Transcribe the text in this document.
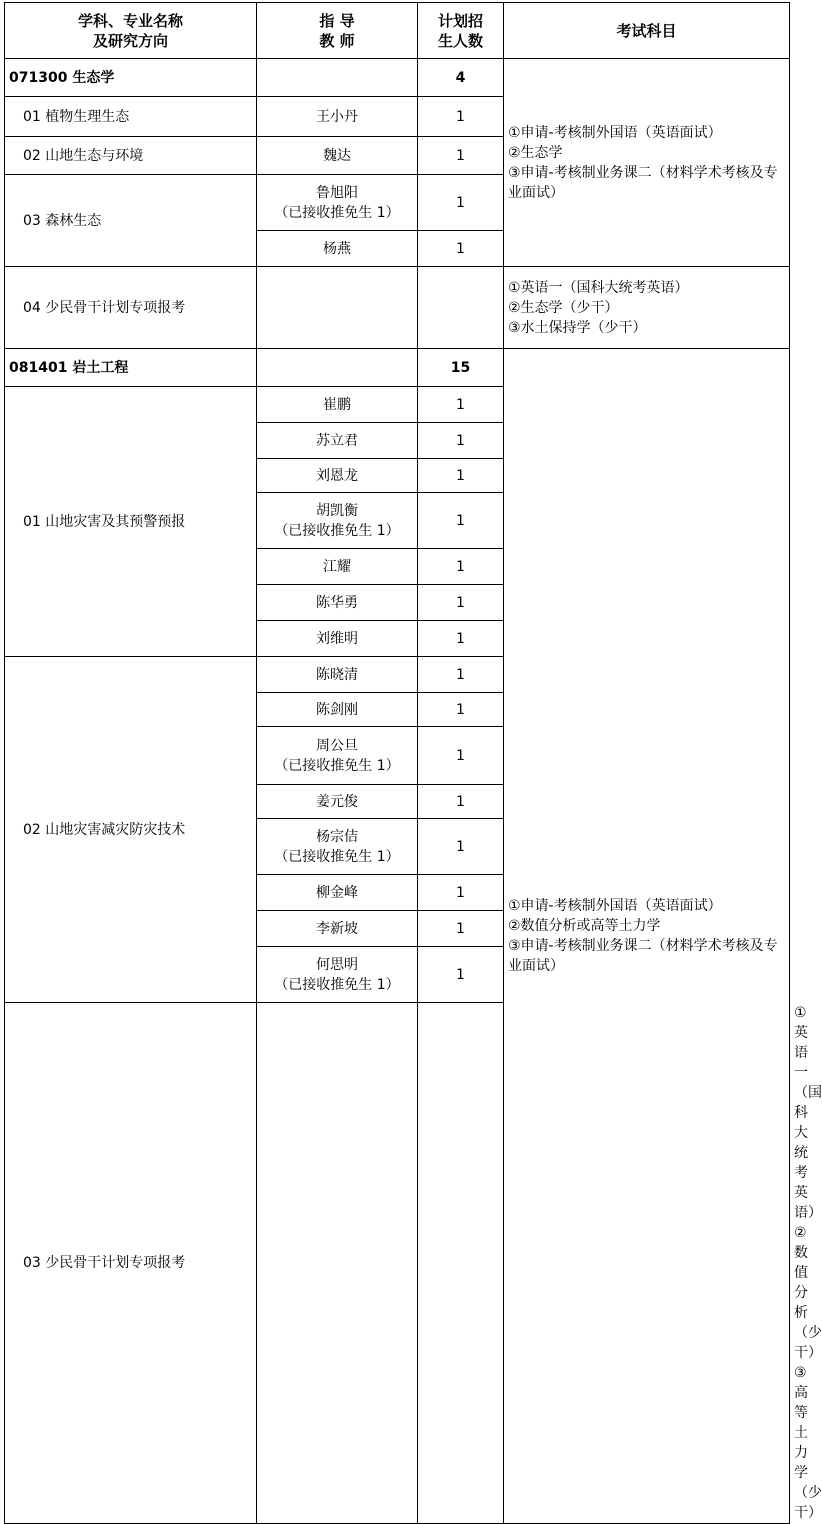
学科、专业名称
及研究方向	指 导
教 师	计划招
生人数	考试科目	
071300 生态学		4	①申请-考核制外国语（英语面试）
②生态学
③申请-考核制业务课二（材料学术考核及专业面试）	
01 植物生理生态	王小丹	1		
02 山地生态与环境	魏达	1		
03 森林生态	鲁旭阳
（已接收推免生 1）	1		
	杨燕	1		
04 少民骨干计划专项报考			①英语一（国科大统考英语）
②生态学（少干）
③水土保持学（少干）	
081401 岩土工程		15	①申请-考核制外国语（英语面试）
②数值分析或高等土力学
③申请-考核制业务课二（材料学术考核及专业面试）	
01 山地灾害及其预警预报	崔鹏	1		
	苏立君	1		
	刘恩龙	1		
	胡凯衡
（已接收推免生 1）	1		
	江耀	1		
	陈华勇	1		
	刘维明	1		
02 山地灾害减灾防灾技术	陈晓清	1		
	陈剑刚	1		
	周公旦
（已接收推免生 1）	1		
	姜元俊	1		
	杨宗佶
（已接收推免生 1）	1		
	柳金峰	1		
	李新坡	1		
	何思明
（已接收推免生 1）	1		
03 少民骨干计划专项报考				①英语一（国科大统考英语）
②数值分析（少干）
③高等土力学（少干）
